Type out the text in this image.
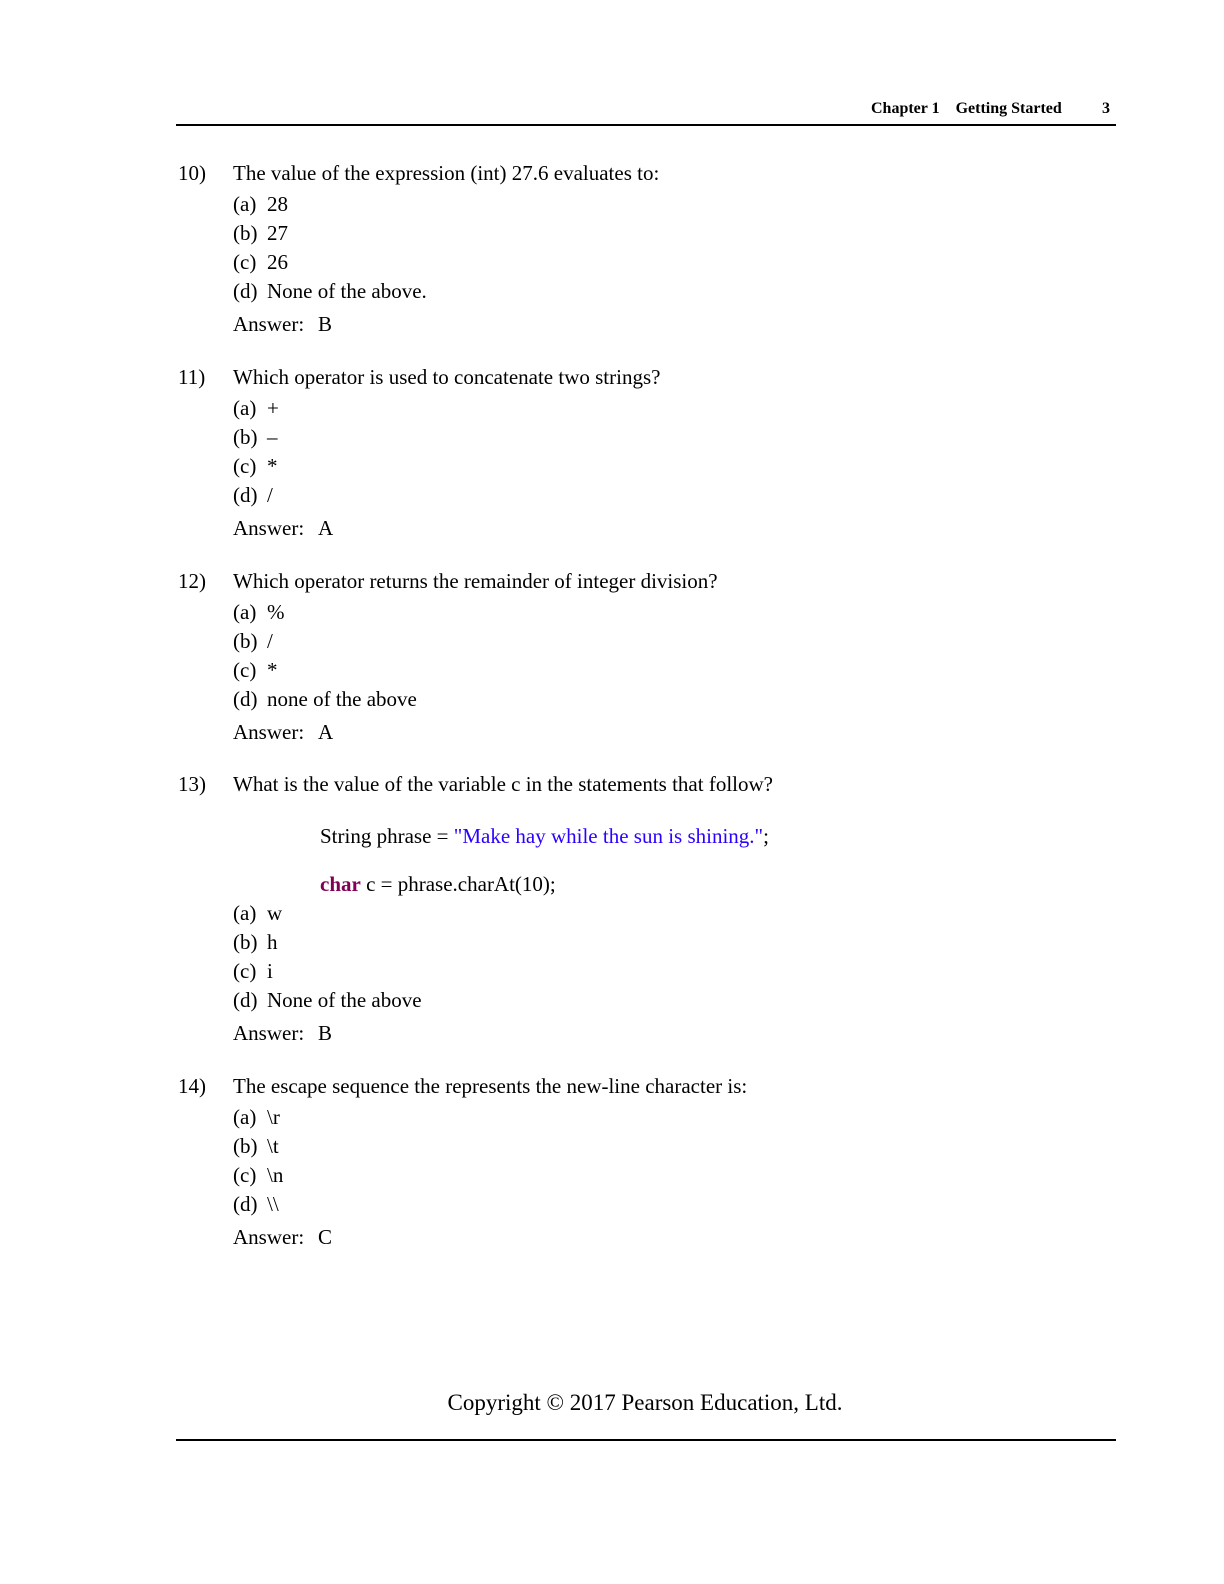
Chapter 1    Getting Started	3
10) The value of the expression (int) 27.6 evaluates to:
(a) 28
(b) 27
(c) 26
(d) None of the above.
Answer: B
11) Which operator is used to concatenate two strings?
(a) +
(b) –
(c) *
(d) /
Answer: A
12) Which operator returns the remainder of integer division?
(a) %
(b) /
(c) *
(d) none of the above
Answer: A
13) What is the value of the variable c in the statements that follow?
String phrase = "Make hay while the sun is shining.";
char c = phrase.charAt(10);
(a) w
(b) h
(c) i
(d) None of the above
Answer: B
14) The escape sequence the represents the new-line character is:
(a) \r
(b) \t
(c) \n
(d) \\
Answer: C
Copyright © 2017 Pearson Education, Ltd.
